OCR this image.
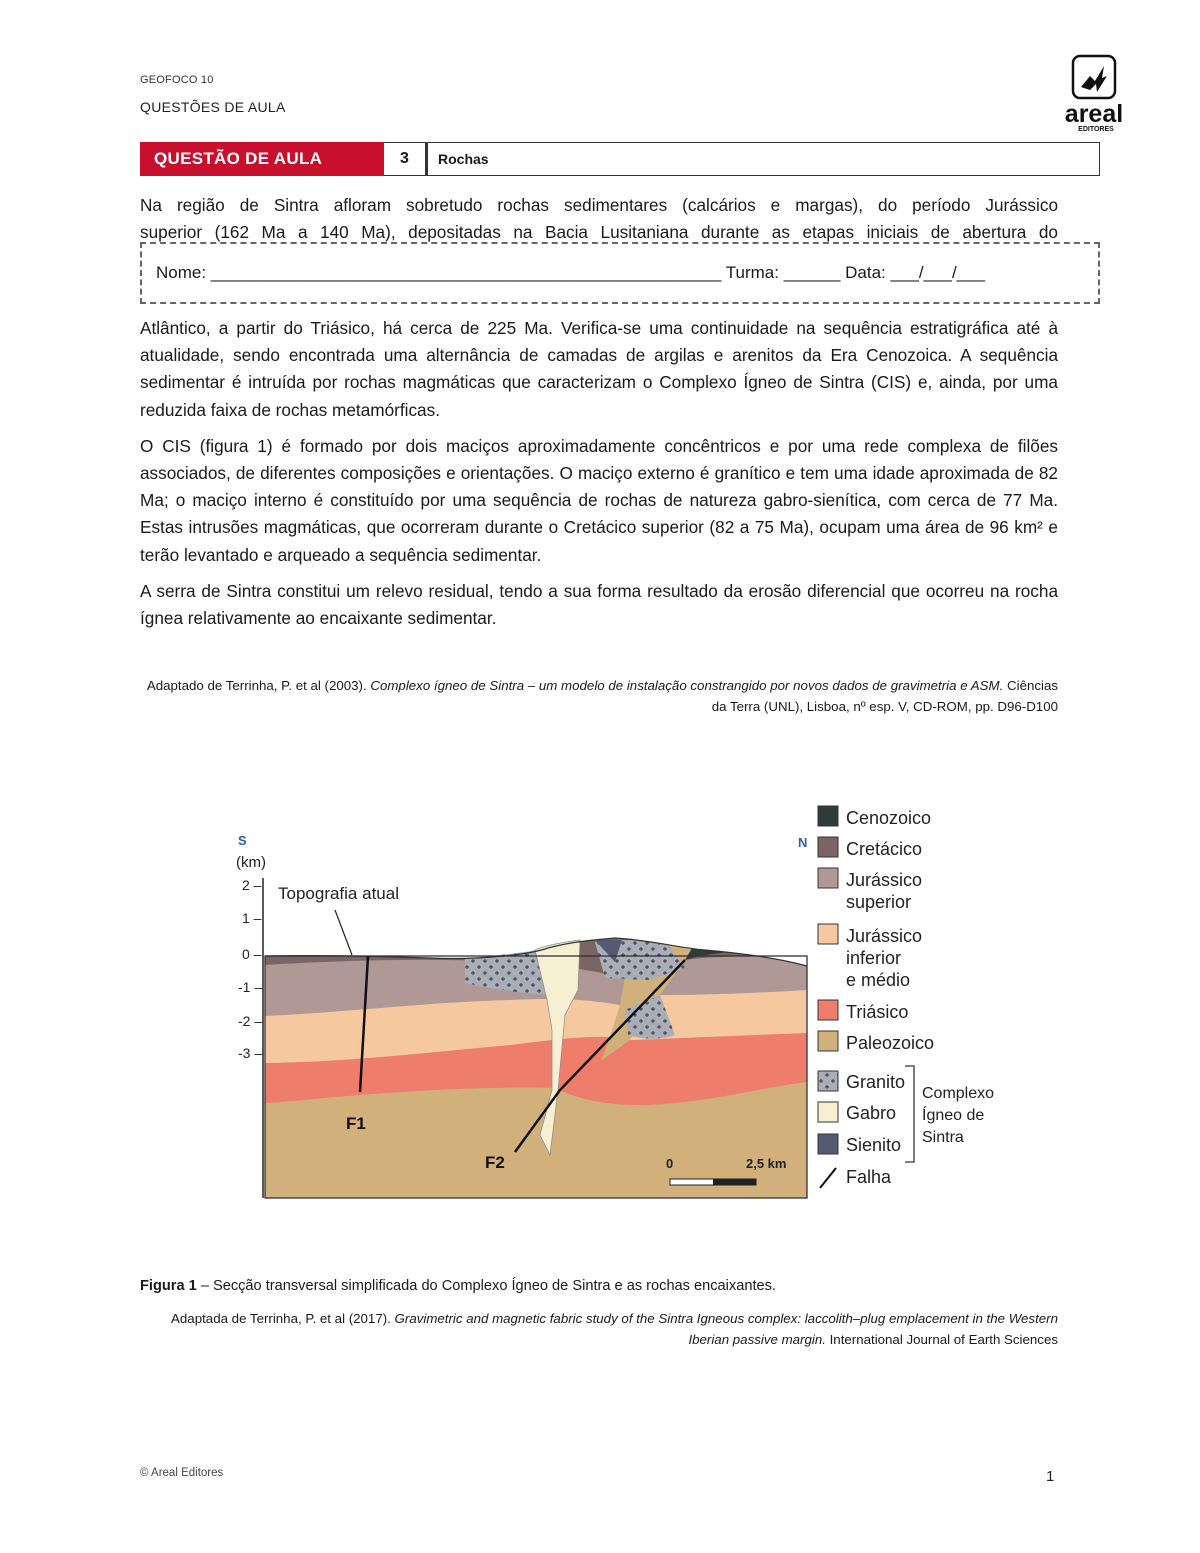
GEOFOCO 10
QUESTÕES DE AULA	areal
EDITORES
QUESTÃO DE AULA	3	Rochas
Na região de Sintra afloram sobretudo rochas sedimentares (calcários e margas), do período Jurássico
superior (162 Ma a 140 Ma), depositadas na Bacia Lusitaniana durante as etapas iniciais de abertura do
Nome: ______________________________________________________ Turma: ______ Data: ___/___/___

Atlântico, a partir do Triásico, há cerca de 225 Ma. Verifica-se uma continuidade na sequência estratigráfica até à atualidade, sendo encontrada uma alternância de camadas de argilas e arenitos da Era Cenozoica. A sequência sedimentar é intruída por rochas magmáticas que caracterizam o Complexo Ígneo de Sintra (CIS) e, ainda, por uma reduzida faixa de rochas metamórficas.

O CIS (figura 1) é formado por dois maciços aproximadamente concêntricos e por uma rede complexa de filões associados, de diferentes composições e orientações. O maciço externo é granítico e tem uma idade aproximada de 82 Ma; o maciço interno é constituído por uma sequência de rochas de natureza gabro-sienítica, com cerca de 77 Ma. Estas intrusões magmáticas, que ocorreram durante o Cretácico superior (82 a 75 Ma), ocupam uma área de 96 km² e terão levantado e arqueado a sequência sedimentar.

A serra de Sintra constitui um relevo residual, tendo a sua forma resultado da erosão diferencial que ocorreu na rocha ígnea relativamente ao encaixante sedimentar.

Adaptado de Terrinha, P. et al (2003). Complexo ígneo de Sintra – um modelo de instalação constrangido por novos dados de gravimetria e ASM. Ciências da Terra (UNL), Lisboa, nº esp. V, CD-ROM, pp. D96-D100
S	N
(km)
2 –
1 –
0 –
-1 –
-2 –
-3 –
F1
F2
Topografia atual
0	2,5 km
Cenozoico
Cretácico
Jurássico superior
Jurássico inferior e médio
Triásico
Paleozoico
Granito
Gabro
Sienito
Falha
Complexo
Ígneo de
Sintra
Figura 1 – Secção transversal simplificada do Complexo Ígneo de Sintra e as rochas encaixantes.
Adaptada de Terrinha, P. et al (2017). Gravimetric and magnetic fabric study of the Sintra Igneous complex: laccolith–plug emplacement in the Western Iberian passive margin. International Journal of Earth Sciences
© Areal Editores	1
